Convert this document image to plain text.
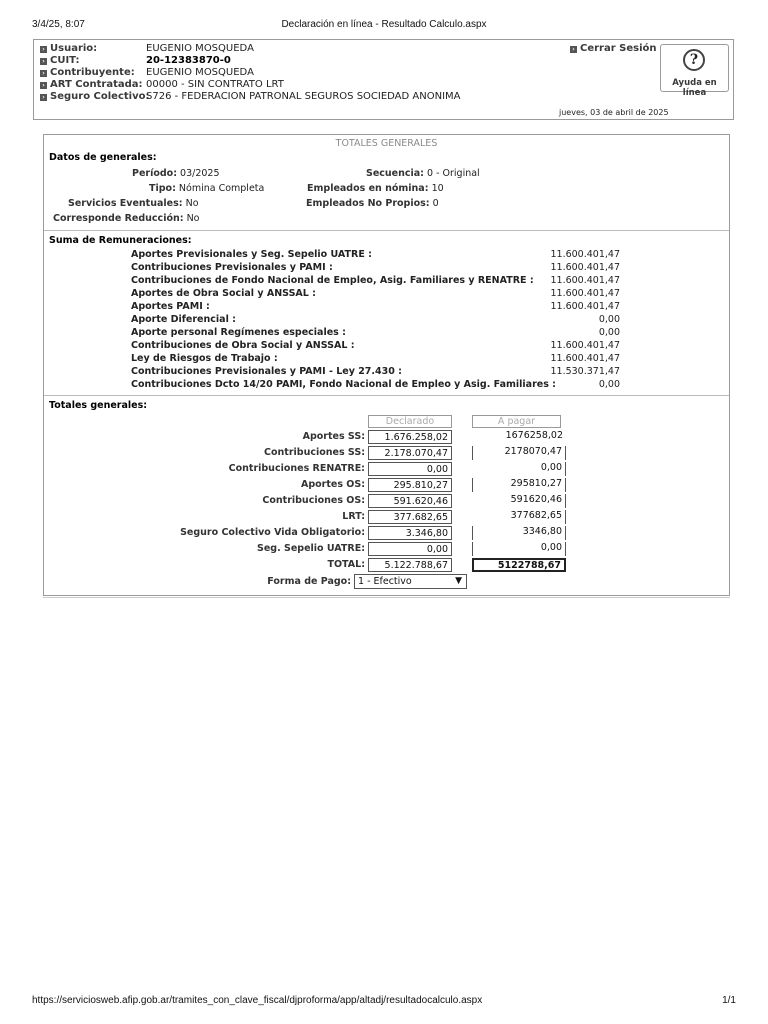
3/4/25, 8:07	Declaración en línea - Resultado Calculo.aspx
› Usuario:	EUGENIO MOSQUEDA
› CUIT:	20-12383870-0
› Contribuyente:	EUGENIO MOSQUEDA
› ART Contratada: 00000 - SIN CONTRATO LRT
› Seguro Colectivo:
S726 - FEDERACION PATRONAL SEGUROS SOCIEDAD ANONIMA
› Cerrar Sesión
?
Ayuda en línea
jueves, 03 de abril de 2025
TOTALES GENERALES
Datos de generales:
Período: 03/2025	Secuencia: 0 - Original
Tipo: Nómina Completa	Empleados en nómina: 10
Servicios Eventuales: No	Empleados No Propios: 0
Corresponde Reducción: No
Suma de Remuneraciones:
Aportes Previsionales y Seg. Sepelio UATRE :	11.600.401,47
Contribuciones Previsionales y PAMI :	11.600.401,47
Contribuciones de Fondo Nacional de Empleo, Asig. Familiares y RENATRE : 11.600.401,47
Aportes de Obra Social y ANSSAL :	11.600.401,47
Aportes PAMI :	11.600.401,47
Aporte Diferencial :	0,00
Aporte personal Regímenes especiales :	0,00
Contribuciones de Obra Social y ANSSAL :	11.600.401,47
Ley de Riesgos de Trabajo :	11.600.401,47
Contribuciones Previsionales y PAMI - Ley 27.430 :	11.530.371,47
Contribuciones Dcto 14/20 PAMI, Fondo Nacional de Empleo y Asig. Familiares :	0,00
Totales generales:
Declarado	A pagar
Aportes SS:
1.676.258,02	1676258,02
Contribuciones SS:
2.178.070,47	2178070,47
Contribuciones RENATRE:
0,00	0,00
Aportes OS:
295.810,27	295810,27
Contribuciones OS:
591.620,46	591620,46
LRT:
377.682,65	377682,65
Seguro Colectivo Vida Obligatorio:
3.346,80	3346,80
Seg. Sepelio UATRE:
0,00	0,00
TOTAL:
5.122.788,67	5122788,67
Forma de Pago: 1 - Efectivo	▼
https://serviciosweb.afip.gob.ar/tramites_con_clave_fiscal/djproforma/app/altadj/resultadocalculo.aspx	1/1
